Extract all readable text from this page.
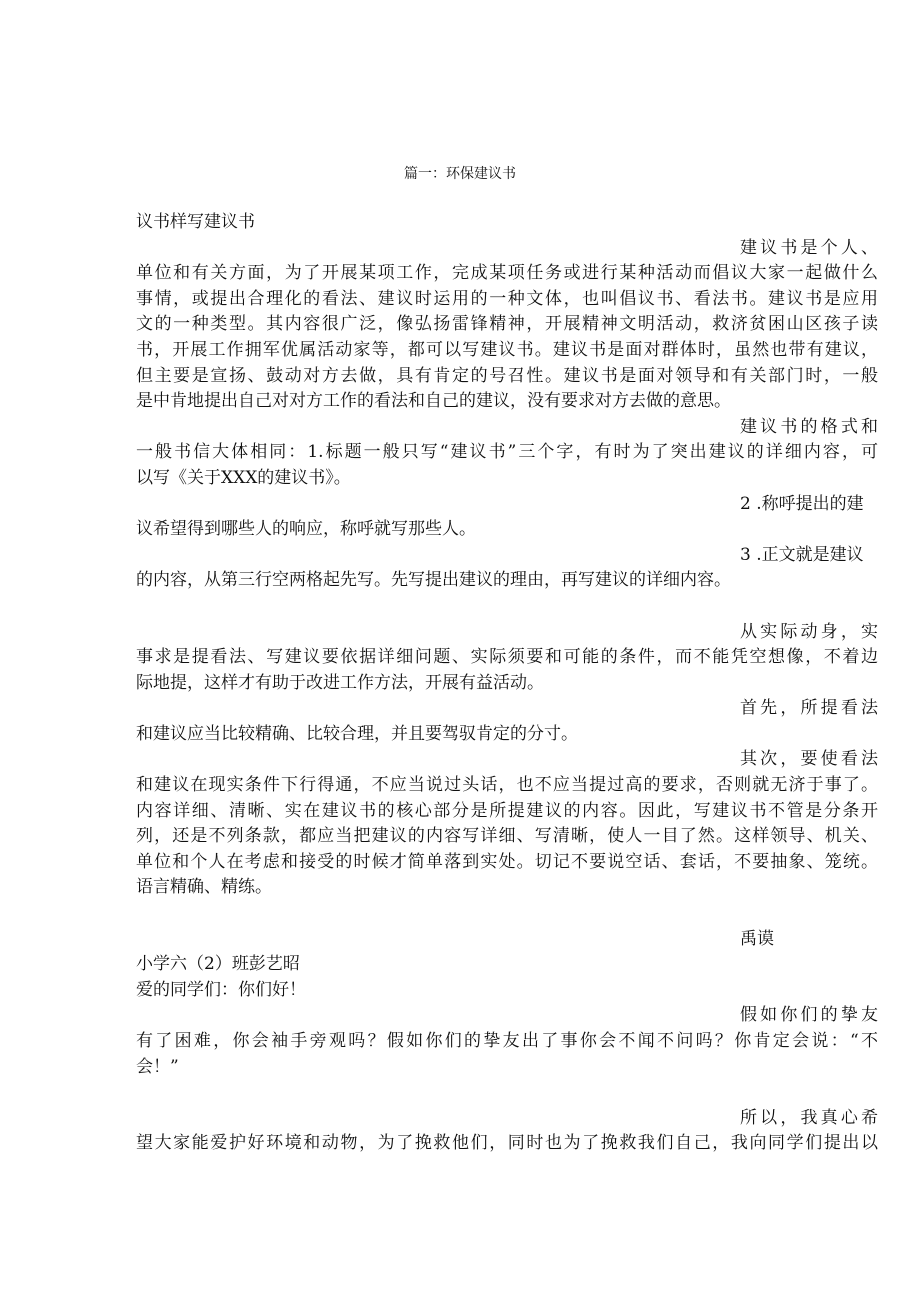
篇一：环保建议书
议书样写建议书
建议书是个人、
单位和有关方面，为了开展某项工作，完成某项任务或进行某种活动而倡议大家一起做什么
事情，或提出合理化的看法、建议时运用的一种文体，也叫倡议书、看法书。建议书是应用
文的一种类型。其内容很广泛，像弘扬雷锋精神，开展精神文明活动，救济贫困山区孩子读
书，开展工作拥军优属活动家等，都可以写建议书。建议书是面对群体时，虽然也带有建议，
但主要是宣扬、鼓动对方去做，具有肯定的号召性。建议书是面对领导和有关部门时，一般
是中肯地提出自己对对方工作的看法和自己的建议，没有要求对方去做的意思。
建议书的格式和
一般书信大体相同：1.标题一般只写“建议书”三个字，有时为了突出建议的详细内容，可
以写《关于XXX的建议书》。
2 .称呼提出的建
议希望得到哪些人的响应，称呼就写那些人。
3 .正文就是建议
的内容，从第三行空两格起先写。先写提出建议的理由，再写建议的详细内容。
从实际动身，实
事求是提看法、写建议要依据详细问题、实际须要和可能的条件，而不能凭空想像，不着边
际地提，这样才有助于改进工作方法，开展有益活动。
首先，所提看法
和建议应当比较精确、比较合理，并且要驾驭肯定的分寸。
其次，要使看法
和建议在现实条件下行得通，不应当说过头话，也不应当提过高的要求，否则就无济于事了。
内容详细、清晰、实在建议书的核心部分是所提建议的内容。因此，写建议书不管是分条开
列，还是不列条款，都应当把建议的内容写详细、写清晰，使人一目了然。这样领导、机关、
单位和个人在考虑和接受的时候才简单落到实处。切记不要说空话、套话，不要抽象、笼统。
语言精确、精练。
禹谟
小学六（2）班彭艺昭
爱的同学们：你们好！
假如你们的挚友
有了困难，你会袖手旁观吗？假如你们的挚友出了事你会不闻不问吗？你肯定会说：“不
会！”
所以，我真心希
望大家能爱护好环境和动物，为了挽救他们，同时也为了挽救我们自己，我向同学们提出以
